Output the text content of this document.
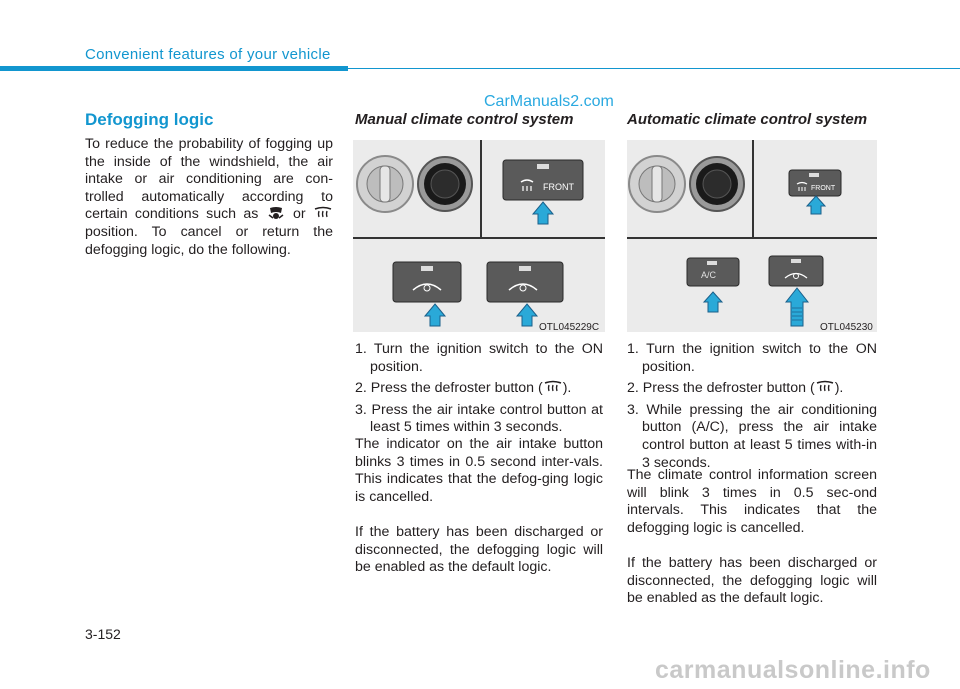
Convenient features of your vehicle
CarManuals2.com
Defogging logic

To reduce the probability of fogging up the inside of the windshield, the air intake or air conditioning are con-trolled automatically according to certain conditions such as or  position. To cancel or return the defogging logic, do the following.

Manual climate control system
FRONT
OTL045229C
1. Turn the ignition switch to the ON position.
2. Press the defroster button ( ).
3. Press the air intake control button at least 5 times within 3 seconds.

The indicator on the air intake button blinks 3 times in 0.5 second inter-vals. This indicates that the defog-ging logic is cancelled.

If the battery has been discharged or disconnected, the defogging logic will be enabled as the default logic.

Automatic climate control system
FRONT
A/C
OTL045230
1. Turn the ignition switch to the ON position.
2. Press the defroster button ( ).
3. While pressing the air conditioning button (A/C), press the air intake control button at least 5 times with-in 3 seconds.

The climate control information screen will blink 3 times in 0.5 sec-ond intervals. This indicates that the defogging logic is cancelled.

If the battery has been discharged or disconnected, the defogging logic will be enabled as the default logic.

3-152
carmanualsonline.info
